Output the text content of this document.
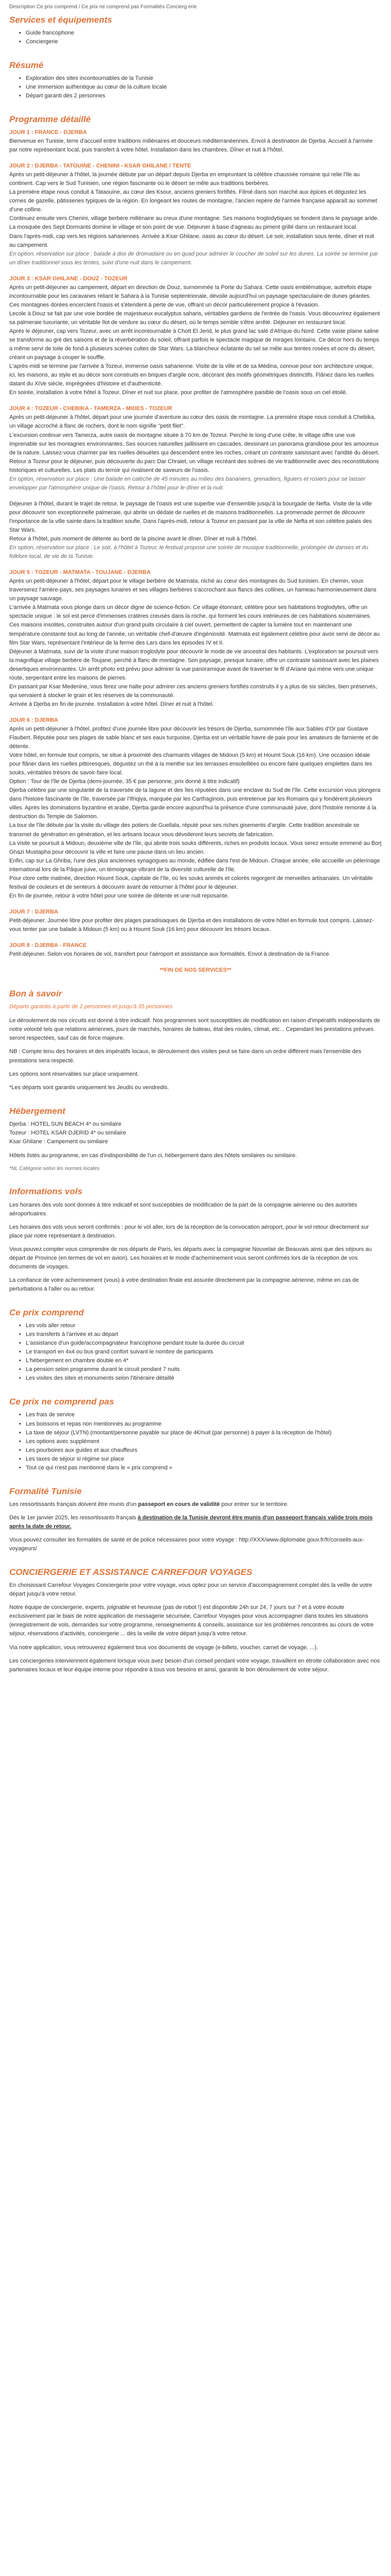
Description Ce prix comprend / Ce prix ne comprend pas Formalités Concierg erie
Services et équipements
• Guide francophone
• Conciergerie
Résumé
• Exploration des sites incontournables de la Tunisie
• Une immersion authentique au cœur de la culture locale
• Départ garanti dès 2 personnes
Programme détaillé
JOUR 1 : FRANCE - DJERBA

Bienvenue en Tunisie, terre d'accueil entre traditions millénaires et douceurs méditerranéennes. Envol à destination de Djerba. Accueil à l'arrivée par notre représentant local, puis transfert à votre hôtel. Installation dans les chambres. Dîner et nuit à l'hôtel.

JOUR 2 : DJERBA - TATOUINE - CHENINI - KSAR GHILANE / TENTE

Après un petit-déjeuner à l'hôtel, la journée débute par un départ depuis Djerba en empruntant la célèbre chaussée romaine qui relie l'île au continent. Cap vers le Sud Tunisien, une région fascinante où le désert se mêle aux traditions berbères.

La première étape nous conduit à Tataouine, au cœur des Ksour, anciens greniers fortifiés. Filmé dans son marché aux épices et dégustez les cornes de gazelle, pâtisseries typiques de la région. En longeant les routes de montagne, l'ancien repère de l'armée française apparaît au sommet d'une colline.

Continuez ensuite vers Chenini, village berbère millénaire au creux d'une montagne. Ses maisons troglodytiques se fondent dans le paysage aride. La mosquée des Sept Dormants domine le village et son point de vue. Déjeuner à base d'agneau au piment grillé dans un restaurant local.

Dans l'après-midi, cap vers les régions sahariennes. Arrivée à Ksar Ghilane, oasis au cœur du désert. Le soir, installation sous tente, dîner et nuit au campement.

En option, réservation sur place : balade à dos de dromadaire ou en quad pour admirer le coucher de soleil sur les dunes. La soirée se termine par un dîner traditionnel sous les tentes, suivi d'une nuit dans le campement.

JOUR 3 : KSAR GHILANE - DOUZ - TOZEUR

Après un petit-déjeuner au campement, départ en direction de Douz, surnommée la Porte du Sahara. Cette oasis emblématique, autrefois étape incontournable pour les caravanes reliant le Sahara à la Tunisie septentrionale, dévoile aujourd'hui un paysage spectaculaire de dunes géantes. Ces montagnes dorées encerclent l'oasis et s'étendent à perte de vue, offrant un décor particulièrement propice à l'évasion.

Lecole à Douz se fait par une voie bordée de majestueux eucalyptus saharis, véritables gardiens de l'entrée de l'oasis. Vous découvrirez également sa palmeraie luxuriante, un véritable îlot de verdure au cœur du désert, où le temps semble s'être arrêté. Déjeuner en restaurant local.

Après le déjeuner, cap vers Tozeur, avec un arrêt incontournable à Chott El Jerid, le plus grand lac salé d'Afrique du Nord. Cette vaste plaine saline se transforme au gré des saisons et de la réverbération du soleil, offrant parfois le spectacle magique de mirages lointains. Ce décor hors du temps a même servi de toile de fond à plusieurs scènes cultes de Star Wars. La blancheur éclatante du sel se mêle aux teintes rosées et ocre du désert, créant un paysage à couper le souffle.

L'après-midi se termine par l'arrivée à Tozeur, immense oasis saharienne. Visite de la ville et de sa Médina, connue pour son architecture unique, ici, les maisons, au style et au décor sont construits en briques d'argile ocre, décorant des motifs géométriques distinctifs. Flânez dans les ruelles datant du XIVe siècle, imprégnées d'histoire et d'authenticité.

En soirée, installation à votre hôtel à Tozeur. Dîner et nuit sur place, pour profiter de l'atmosphère paisible de l'oasis sous un ciel étoilé.

JOUR 4 : TOZEUR - CHEBIKA - TAMERZA - MIDES - TOZEUR

Après un petit-déjeuner à l'hôtel, départ pour une journée d'aventure au cœur des oasis de montagne. La première étape nous conduit à Chebika, un village accroché à flanc de rochers, dont le nom signifie "petit filet".

L'excursion continue vers Tamerza, autre oasis de montagne située à 70 km de Tozeur. Perché le long d'une crête, le village offre une vue imprenable sur les montagnes environnantes. Ses sources naturelles jaillissent en cascades, dessinant un panorama grandiose pour les amoureux de la nature. Laissez-vous charmer par les ruelles désuètes qui descendent entre les roches, créant un contraste saisissant avec l'aridité du désert.

Retour à Tozeur pour le déjeuner, puis découverte du parc Dar Chraiet, un village recréant des scènes de vie traditionnelle avec des reconstitutions historiques et culturelles. Les plats du terroir qui rivalisent de saveurs de l'oasis.

En option, réservation sur place : Une balade en calèche de 45 minutes au milieu des bananiers, grenadiers, figuiers et rosiers pour se laisser envelopper par l'atmosphère unique de l'oasis. Retour à l'hôtel pour le dîner et la nuit.

Déjeuner à l'hôtel, durant le trajet de retour, le paysage de l'oasis est une superbe vue d'ensemble jusqu'à la bourgade de Nefta. Visite de la ville pour découvrir son exceptionnelle palmeraie, qui abrite un dédale de ruelles et de maisons traditionnelles. La promenade permet de découvrir l'importance de la ville sainte dans la tradition soufie. Dans l'après-midi, retour à Tozeur en passant par la ville de Nefta et son célèbre palais des Star Wars.

Retour à l'hôtel, puis moment de détente au bord de la piscine avant le dîner. Dîner et nuit à l'hôtel.

En option, réservation sur place : Le soir, à l'hôtel à Tozeur, le festival propose une soirée de musique traditionnelle, prolongée de danses et du folklore local, de vie de la Tunisie.

JOUR 5 : TOZEUR - MATMATA - TOUJANE - DJERBA

Après un petit-déjeuner à l'hôtel, départ pour le village berbère de Matmata, niché au cœur des montagnes du Sud tunisien. En chemin, vous traverserez l'arrière-pays, ses paysages lunaires et ses villages berbères s'accrochant aux flancs des collines, un hameau harmonieusement dans un paysage sauvage.

L'arrivée à Matmata vous plonge dans un décor digne de science-fiction. Ce village étonnant, célèbre pour ses habitations troglodytes, offre un spectacle unique : le sol est percé d'immenses cratères creusés dans la roche, qui forment les cours intérieures de ces habitations souterraines. Ces maisons insolites, construites autour d'un grand puits circulaire à ciel ouvert, permettent de capter la lumière tout en maintenant une température constante tout au long de l'année, un véritable chef-d'œuvre d'ingéniosité. Matmata est également célèbre pour avoir servi de décor au film Star Wars, représentant l'intérieur de la ferme des Lars dans les épisodes IV et II.

Déjeuner à Matmata, suivi de la visite d'une maison troglodyte pour découvrir le mode de vie ancestral des habitants. L'exploration se poursuit vers la magnifique village berbère de Toujane, perché à flanc de montagne. Son paysage, presque lunaire, offre un contraste saisissant avec les plaines desertiques environnantes. Un arrêt photo est prévu pour admirer la vue panoramique avant de traverser le fil d'Ariane qui mène vers une unique route, serpentant entre les maisons de pierres.

En passant par Ksar Medenine, vous ferez une halte pour admirer ces anciens greniers fortifiés construits il y a plus de six siècles, bien préservés, qui servaient à stocker le grain et les réserves de la communauté.

Arrivée à Djerba en fin de journée. Installation à votre hôtel. Dîner et nuit à l'hôtel.

JOUR 6 : DJERBA

Après un petit-déjeuner à l'hôtel, profitez d'une journée libre pour découvrir les trésors de Djerba, surnommée l'île aux Sables d'Or par Gustave Flaubert. Réputée pour ses plages de sable blanc et ses eaux turquoise, Djerba est un véritable havre de paix pour les amateurs de farniente et de détente.

Votre hôtel, en formule tout compris, se situe à proximité des charmants villages de Midoun (5 km) et Houmt Souk (16 km). Une occasion idéale pour flâner dans les ruelles pittoresques, dégustez un thé à la menthe sur les terrasses ensoleillées ou encore faire quelques emplettes dans les souks, véritables trésors de savoir-faire local.

Option : Tour de l'île de Djerba (demi-journée, 35 € par personne, prix donné à titre indicatif)

Djerba célèbre par une singularité de la traversée de la lagune et des îles réputées dans une enclave du Sud de l'île. Cette excursion vous plongera dans l'histoire fascinante de l'île, traversée par l'Ifriqiya, marquée par les Carthaginois, puis entretenue par les Romains qui y fondèrent plusieurs villes. Après les dominations byzantine et arabe, Djerba garde encore aujourd'hui la présence d'une communauté juive, dont l'histoire remonte à la destruction du Temple de Salomon.

La tour de l'île débute par la visite du village des potiers de Guellala, réputé pour ses riches gisements d'argile. Cette tradition ancestrale se transmet de génération en génération, et les artisans locaux vous dévoileront leurs secrets de fabrication.

La visite se poursuit à Midoun, deuxième ville de l'île, qui abrite trois souks différents, riches en produits locaux. Vous serez ensuite emmené au Borj Ghazi Mustapha pour découvrir la ville et faire une pause dans un lieu ancien.

Enfin, cap sur La Ghriba, l'une des plus anciennes synagogues au monde, édifiée dans l'est de Midoun. Chaque année, elle accueille un pèlerinage international lors de la Pâque juive, un témoignage vibrant de la diversité culturelle de l'île.

Pour clore cette matinée, direction Houmt Souk, capitale de l'île, où les souks animés et colorés regorgent de merveilles artisanales. Un véritable festival de couleurs et de senteurs à découvrir avant de retourner à l'hôtel pour le déjeuner.

En fin de journée, retour à votre hôtel pour une soirée de détente et une nuit reposante.

JOUR 7 : DJERBA

Petit-déjeuner. Journée libre pour profiter des plages paradisiaques de Djerba et des installations de votre hôtel en formule tout compris. Laissez-vous tenter par une balade à Midoun (5 km) ou à Houmt Souk (16 km) pour découvrir les trésors locaux.

JOUR 8 : DJERBA - FRANCE

Petit-déjeuner. Selon vos horaires de vol, transfert pour l'aéroport et assistance aux formalités. Envol à destination de la France.

**FIN DE NOS SERVICES**
Bon à savoir
Départs garantis à partir de 2 personnes et jusqu'à 35 personnes

Le déroulement de nos circuits est donné à titre indicatif. Nos programmes sont susceptibles de modification en raison d'impératifs indépendants de notre volonté tels que relations aériennes, jours de marchés, horaires de bateau, état des routes, climat, etc... Cependant les prestations prévues seront respectées, sauf cas de force majeure.

NB : Compte tenu des horaires et des impératifs locaux, le déroulement des visites peut se faire dans un ordre différent mais l'ensemble des prestations sera respecté.

Les options sont réservables sur place uniquement.

*Les départs sont garantis uniquement les Jeudis ou vendredis.

Hébergement
Djerba : HOTEL SUN BEACH 4* ou similaire
Tozeur : HOTEL KSAR DJERID 4* ou similaire
Ksar Ghilane : Campement ou similaire

Hôtels listés au programme, en cas d'indisponibilité de l'un ci, hébergement dans des hôtels similaires ou similaire.

*NL Catégorie selon les normes locales

Informations vols

Les horaires des vols sont donnés à titre indicatif et sont susceptibles de modification de la part de la compagnie aérienne ou des autorités aéroportuaires.

Les horaires des vols vous seront confirmés : pour le vol aller, lors de la réception de la convocation aéroport, pour le vol retour directement sur place par notre représentant à destination.

Vous pouvez compter vous comprendre de nos départs de Paris, les départs avec la compagnie Nouvelair de Beauvais ainsi que des séjours au départ de Province (en termes de vol en avion). Les horaires et le mode d'acheminement vous seront confirmés lors de la réception de vos documents de voyages.

La confiance de votre acheminement (vous) à votre destination finale est assurée directement par la compagnie aérienne, même en cas de perturbations à l'aller ou au retour.

Ce prix comprend
• Les vols aller retour
• Les transferts à l'arrivée et au départ
• L'assistance d'un guide/accompagnateur francophone pendant toute la durée du circuit
• Le transport en 4x4 ou bus grand confort suivant le nombre de participants
• L'hébergement en chambre double en 4*
• La pension selon programme durant le circuit pendant 7 nuits
• Les visites des sites et monuments selon l'itinéraire détaillé
Ce prix ne comprend pas
• Les frais de service
• Les boissons et repas non mentionnés au programme
• La taxe de séjour (LVTN) (montant/personne payable sur place de 4€/nuit (par personne) à payer à la réception de l'hôtel)
• Les options avec supplément
• Les pourboires aux guides et aux chauffeurs
• Les taxes de séjour si régime sur place
• Tout ce qui n'est pas mentionné dans le « prix comprend »
Formalité Tunisie

Les ressortissants français doivent être munis d'un passeport en cours de validité pour entrer sur le territoire.

Dès le 1er janvier 2025, les ressortissants français à destination de la Tunisie devront être munis d'un passeport français valide trois mois après la date de retour.

Vous pouvez consulter les formalités de santé et de police nécessaires pour votre voyage : http://XXX/www.diplomatie.gouv.fr/fr/conseils-aux-voyageurs/

CONCIERGERIE ET ASSISTANCE CARREFOUR VOYAGES

En choisissant Carrefour Voyages Conciergerie pour votre voyage, vous optez pour un service d'accompagnement complet dès la veille de votre départ jusqu'à votre retour.

Notre équipe de conciergerie, experts, joignable et heureuse (pas de robot !) est disponible 24h sur 24, 7 jours sur 7 et à votre écoute exclusivement par le biais de notre application de messagerie sécurisée, Carrefour Voyages pour vous accompagner dans toutes les situations (enregistrement de vols, demandes sur votre programme, renseignements & conseils, assistance sur les problèmes rencontrés au cours de votre séjour, réservations d'activités, conciergerie ... dès la veille de votre départ jusqu'à votre retour.

Via notre application, vous retrouverez également tous vos documents de voyage (e-billets, voucher, carnet de voyage, ...).

Les conciergeries interviennent également lorsque vous avez besoin d'un conseil pendant votre voyage, travaillent en étroite collaboration avec nos partenaires locaux et leur équipe interne pour répondre à tous vos besoins et ainsi, garantir le bon déroulement de votre séjour.
